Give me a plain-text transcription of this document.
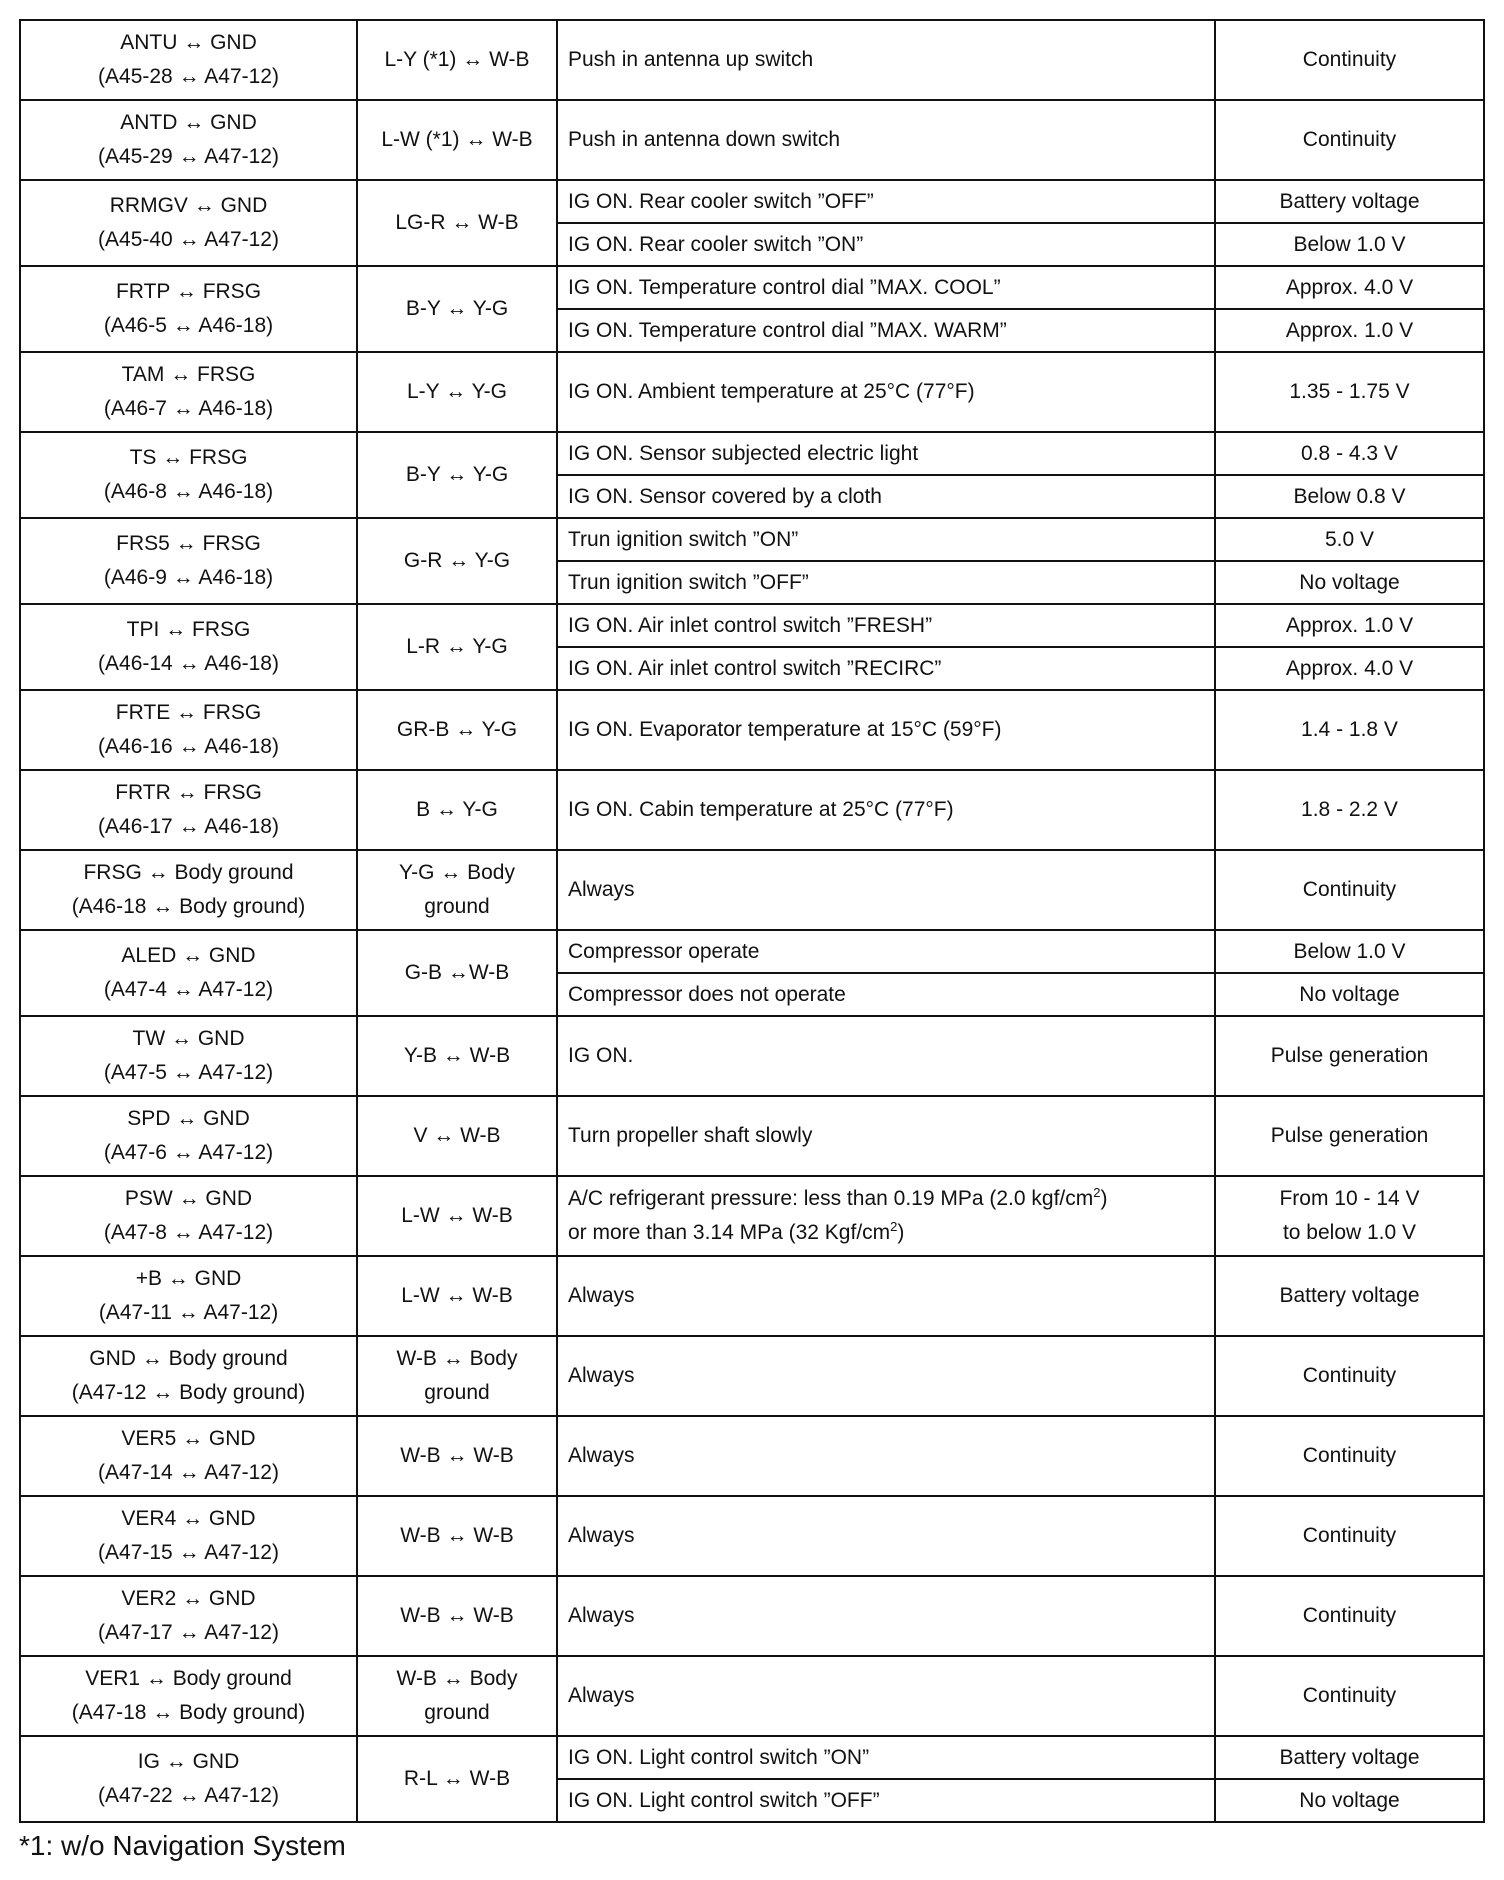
ANTU ↔ GND
(A45-28 ↔ A47-12)	L-Y (*1) ↔ W-B	Push in antenna up switch	Continuity

ANTD ↔ GND
(A45-29 ↔ A47-12)	L-W (*1) ↔ W-B	Push in antenna down switch	Continuity

RRMGV ↔ GND
(A45-40 ↔ A47-12)	LG-R ↔ W-B	IG ON. Rear cooler switch ”OFF”	Battery voltage

		IG ON. Rear cooler switch ”ON”	Below 1.0 V

FRTP ↔ FRSG
(A46-5 ↔ A46-18)	B-Y ↔ Y-G	IG ON. Temperature control dial ”MAX. COOL”	Approx. 4.0 V

		IG ON. Temperature control dial ”MAX. WARM”	Approx. 1.0 V

TAM ↔ FRSG
(A46-7 ↔ A46-18)	L-Y ↔ Y-G	IG ON. Ambient temperature at 25°C (77°F)	1.35 - 1.75 V

TS ↔ FRSG
(A46-8 ↔ A46-18)	B-Y ↔ Y-G	IG ON. Sensor subjected electric light	0.8 - 4.3 V

		IG ON. Sensor covered by a cloth	Below 0.8 V

FRS5 ↔ FRSG
(A46-9 ↔ A46-18)	G-R ↔ Y-G	Trun ignition switch ”ON”	5.0 V

		Trun ignition switch ”OFF”	No voltage

TPI ↔ FRSG
(A46-14 ↔ A46-18)	L-R ↔ Y-G	IG ON. Air inlet control switch ”FRESH”	Approx. 1.0 V

		IG ON. Air inlet control switch ”RECIRC”	Approx. 4.0 V

FRTE ↔ FRSG
(A46-16 ↔ A46-18)	GR-B ↔ Y-G	IG ON. Evaporator temperature at 15°C (59°F)	1.4 - 1.8 V

FRTR ↔ FRSG
(A46-17 ↔ A46-18)	B ↔ Y-G	IG ON. Cabin temperature at 25°C (77°F)	1.8 - 2.2 V

FRSG ↔ Body ground
(A46-18 ↔ Body ground)	Y-G ↔ Body
ground	Always	Continuity

ALED ↔ GND
(A47-4 ↔ A47-12)	G-B ↔W-B	Compressor operate	Below 1.0 V

		Compressor does not operate	No voltage

TW ↔ GND
(A47-5 ↔ A47-12)	Y-B ↔ W-B	IG ON.	Pulse generation

SPD ↔ GND
(A47-6 ↔ A47-12)	V ↔ W-B	Turn propeller shaft slowly	Pulse generation

PSW ↔ GND
(A47-8 ↔ A47-12)	L-W ↔ W-B	A/C refrigerant pressure: less than 0.19 MPa (2.0 kgf/$cm^2$)
or more than 3.14 MPa (32 Kgf/$cm^2$)	From 10 - 14 V
to below 1.0 V

+B ↔ GND
(A47-11 ↔ A47-12)	L-W ↔ W-B	Always	Battery voltage

GND ↔ Body ground
(A47-12 ↔ Body ground)	W-B ↔ Body
ground	Always	Continuity

VER5 ↔ GND
(A47-14 ↔ A47-12)	W-B ↔ W-B	Always	Continuity

VER4 ↔ GND
(A47-15 ↔ A47-12)	W-B ↔ W-B	Always	Continuity

VER2 ↔ GND
(A47-17 ↔ A47-12)	W-B ↔ W-B	Always	Continuity

VER1 ↔ Body ground
(A47-18 ↔ Body ground)	W-B ↔ Body
ground	Always	Continuity

IG ↔ GND
(A47-22 ↔ A47-12)	R-L ↔ W-B	IG ON. Light control switch ”ON”	Battery voltage

		IG ON. Light control switch ”OFF”	No voltage
*1: w/o Navigation System
